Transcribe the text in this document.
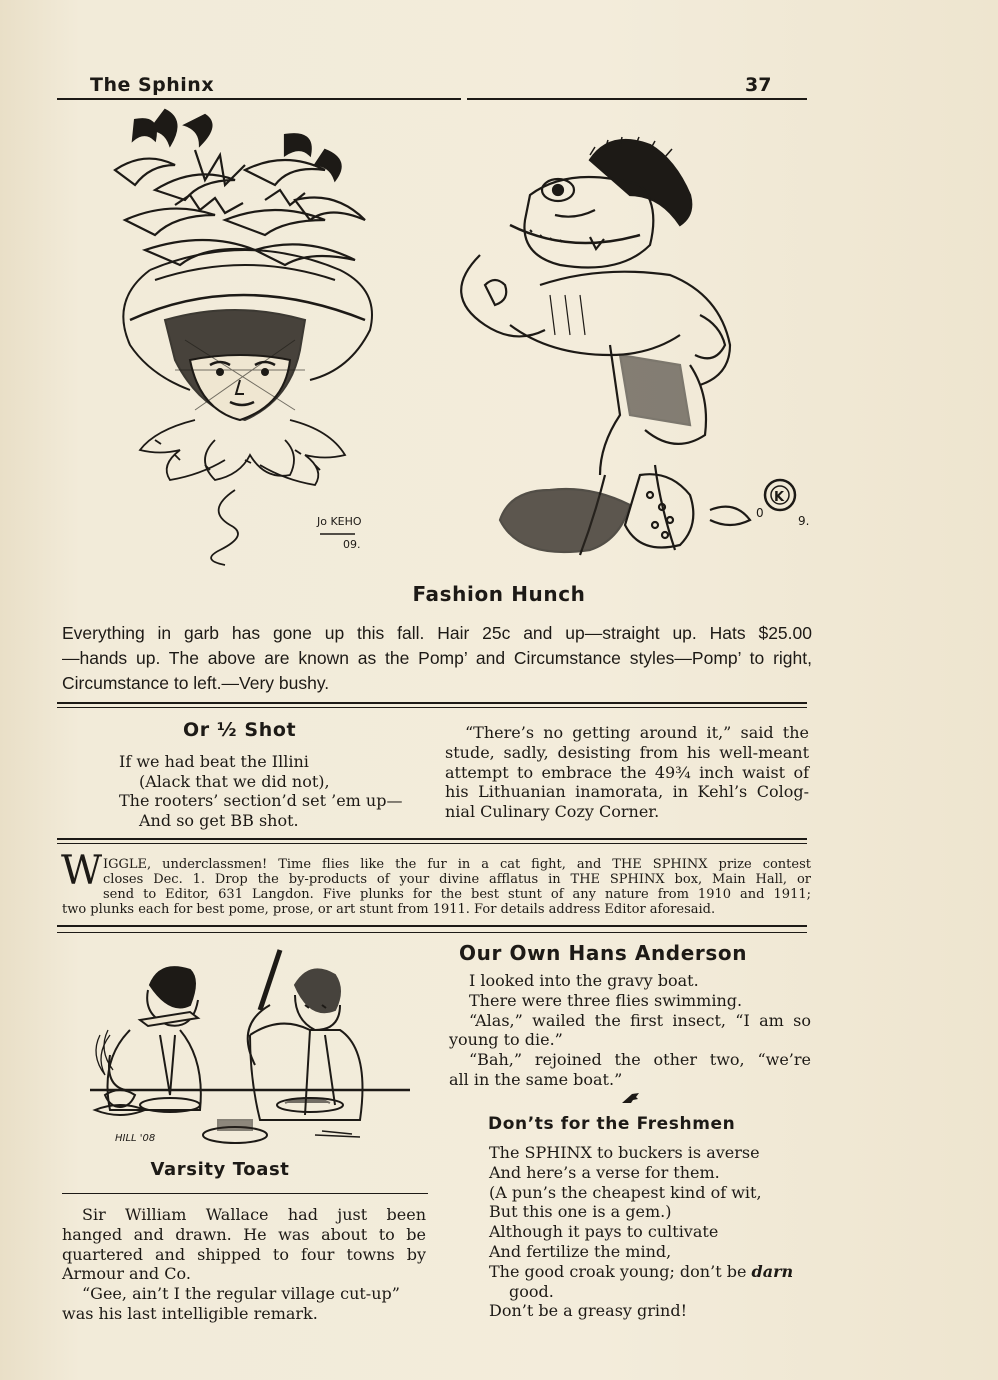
The Sphinx	37
Jo KEHO
09.
K
0
9.
Fashion Hunch
Everything in garb has gone up this fall. Hair 25c and up—straight up. Hats $25.00
—hands up. The above are known as the Pomp’ and Circumstance styles—Pomp’ to right,
Circumstance to left.—Very bushy.
Or ½ Shot
If we had beat the Illini
(Alack that we did not),
The rooters’ section’d set ’em up—
And so get BB shot.
“There’s no getting around it,” said the
stude, sadly, desisting from his well-meant
attempt to embrace the 49¾ inch waist of
his Lithuanian inamorata, in Kehl’s Colog-
nial Culinary Cozy Corner.
W IGGLE, underclassmen! Time flies like the fur in a cat fight, and THE SPHINX prize contest
closes Dec. 1. Drop the by-products of your divine afflatus in THE SPHINX box, Main Hall, or
send to Editor, 631 Langdon. Five plunks for the best stunt of any nature from 1910 and 1911;
two plunks each for best pome, prose, or art stunt from 1911. For details address Editor aforesaid.
HILL '08
Varsity Toast
Sir William Wallace had just been
hanged and drawn. He was about to be
quartered and shipped to four towns by
Armour and Co.
“Gee, ain’t I the regular village cut-up”
was his last intelligible remark.
Our Own Hans Anderson
I looked into the gravy boat.
There were three flies swimming.
“Alas,” wailed the first insect, “I am so
young to die.”
“Bah,” rejoined the other two, “we’re
all in the same boat.”
Don’ts for the Freshmen
The SPHINX to buckers is averse
And here’s a verse for them.
(A pun’s the cheapest kind of wit,
But this one is a gem.)
Although it pays to cultivate
And fertilize the mind,
The good croak young; don’t be darn
good.
Don’t be a greasy grind!
